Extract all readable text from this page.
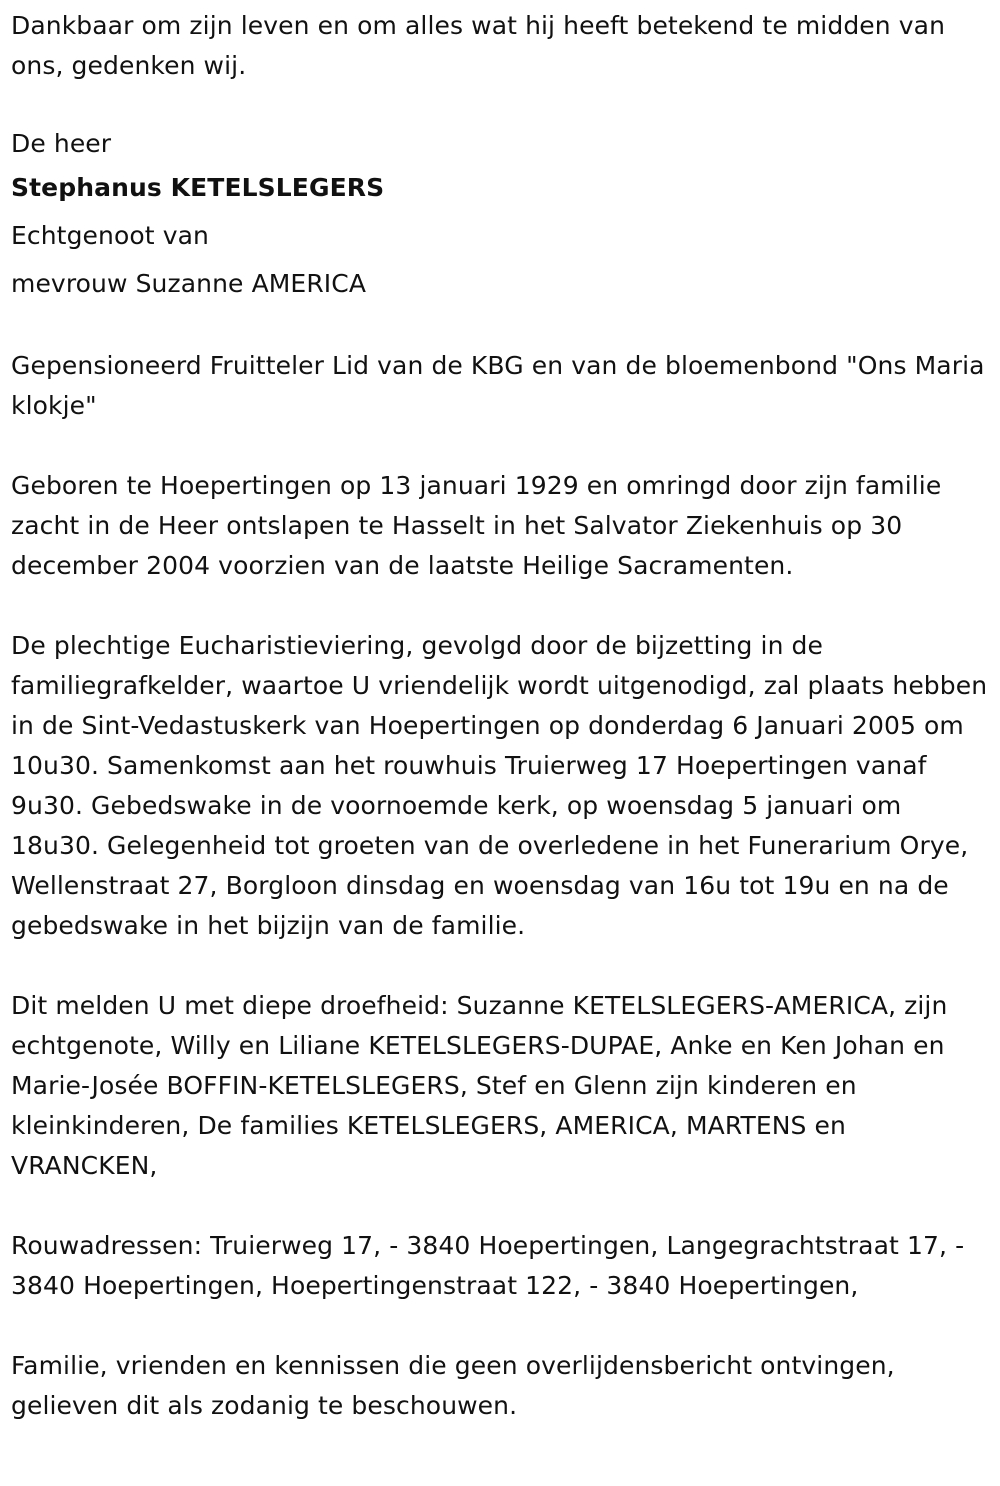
Dankbaar om zijn leven en om alles wat hij heeft betekend te midden van ons, gedenken wij.

De heer

Stephanus KETELSLEGERS

Echtgenoot van

mevrouw Suzanne AMERICA

Gepensioneerd Fruitteler Lid van de KBG en van de bloemenbond "Ons Maria klokje"

Geboren te Hoepertingen op 13 januari 1929 en omringd door zijn familie zacht in de Heer ontslapen te Hasselt in het Salvator Ziekenhuis op 30 december 2004 voorzien van de laatste Heilige Sacramenten.

De plechtige Eucharistieviering, gevolgd door de bijzetting in de familiegrafkelder, waartoe U vriendelijk wordt uitgenodigd, zal plaats hebben in de Sint-Vedastuskerk van Hoepertingen op donderdag 6 Januari 2005 om 10u30. Samenkomst aan het rouwhuis Truierweg 17 Hoepertingen vanaf 9u30. Gebedswake in de voornoemde kerk, op woensdag 5 januari om 18u30. Gelegenheid tot groeten van de overledene in het Funerarium Orye, Wellenstraat 27, Borgloon dinsdag en woensdag van 16u tot 19u en na de gebedswake in het bijzijn van de familie.

Dit melden U met diepe droefheid: Suzanne KETELSLEGERS-AMERICA, zijn echtgenote, Willy en Liliane KETELSLEGERS-DUPAE, Anke en Ken Johan en Marie-Josée BOFFIN-KETELSLEGERS, Stef en Glenn zijn kinderen en kleinkinderen, De families KETELSLEGERS, AMERICA, MARTENS en VRANCKEN,

Rouwadressen: Truierweg 17, - 3840 Hoepertingen, Langegrachtstraat 17, - 3840 Hoepertingen, Hoepertingenstraat 122, - 3840 Hoepertingen,

Familie, vrienden en kennissen die geen overlijdensbericht ontvingen, gelieven dit als zodanig te beschouwen.
